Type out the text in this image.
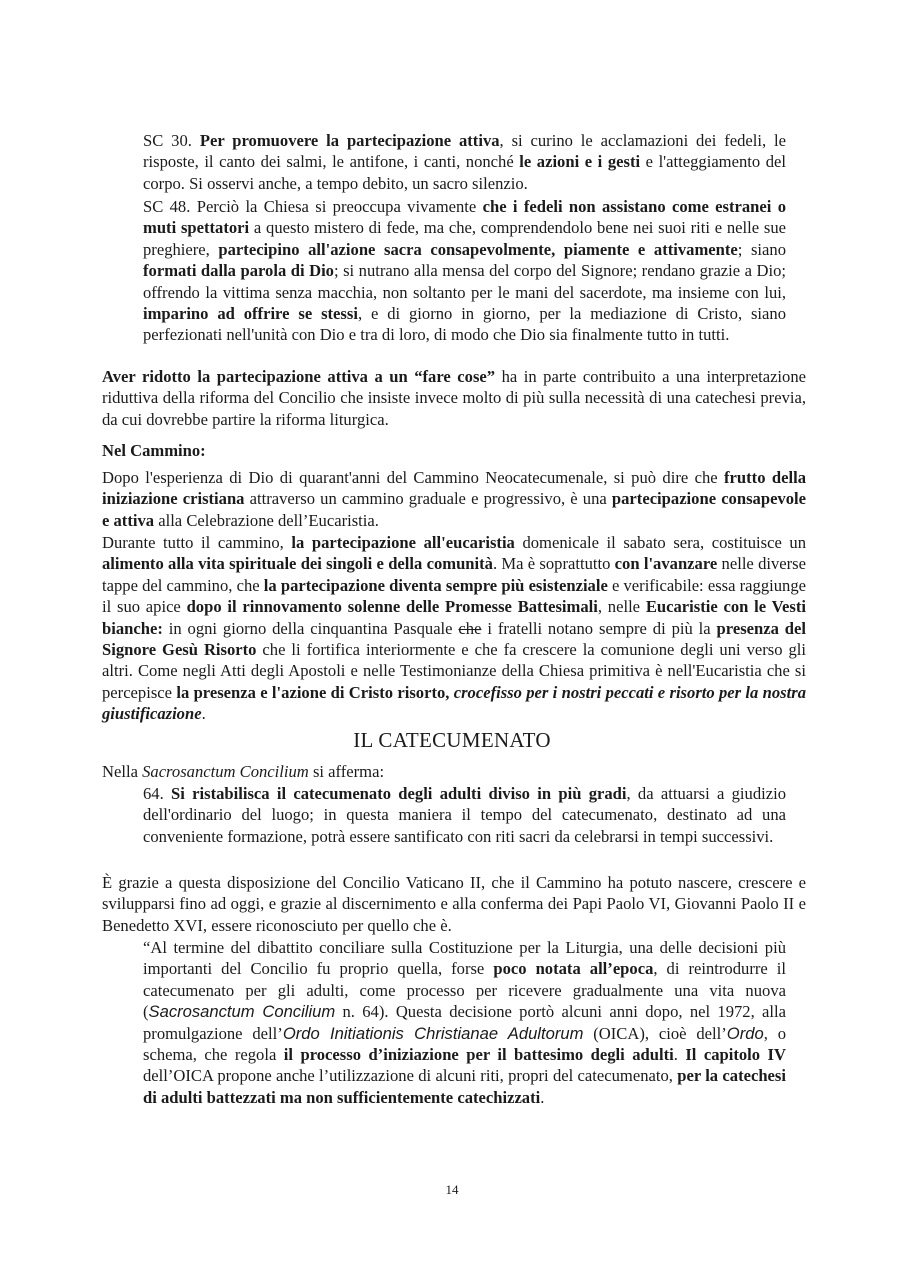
SC 30. Per promuovere la partecipazione attiva, si curino le acclamazioni dei fedeli, le risposte, il canto dei salmi, le antifone, i canti, nonché le azioni e i gesti e l'atteggiamento del corpo. Si osservi anche, a tempo debito, un sacro silenzio.

SC 48. Perciò la Chiesa si preoccupa vivamente che i fedeli non assistano come estranei o muti spettatori a questo mistero di fede, ma che, comprendendolo bene nei suoi riti e nelle sue preghiere, partecipino all'azione sacra consapevolmente, piamente e attivamente; siano formati dalla parola di Dio; si nutrano alla mensa del corpo del Signore; rendano grazie a Dio; offrendo la vittima senza macchia, non soltanto per le mani del sacerdote, ma insieme con lui, imparino ad offrire se stessi, e di giorno in giorno, per la mediazione di Cristo, siano perfezionati nell'unità con Dio e tra di loro, di modo che Dio sia finalmente tutto in tutti.

Aver ridotto la partecipazione attiva a un “fare cose” ha in parte contribuito a una interpretazione riduttiva della riforma del Concilio che insiste invece molto di più sulla necessità di una catechesi previa, da cui dovrebbe partire la riforma liturgica.

Nel Cammino:

Dopo l'esperienza di Dio di quarant'anni del Cammino Neocatecumenale, si può dire che frutto della iniziazione cristiana attraverso un cammino graduale e progressivo, è una partecipazione consapevole e attiva alla Celebrazione dell’Eucaristia.

Durante tutto il cammino, la partecipazione all'eucaristia domenicale il sabato sera, costituisce un alimento alla vita spirituale dei singoli e della comunità. Ma è soprattutto con l'avanzare nelle diverse tappe del cammino, che la partecipazione diventa sempre più esistenziale e verificabile: essa raggiunge il suo apice dopo il rinnovamento solenne delle Promesse Battesimali, nelle Eucaristie con le Vesti bianche: in ogni giorno della cinquantina Pasquale che i fratelli notano sempre di più la presenza del Signore Gesù Risorto che li fortifica interiormente e che fa crescere la comunione degli uni verso gli altri. Come negli Atti degli Apostoli e nelle Testimonianze della Chiesa primitiva è nell'Eucaristia che si percepisce la presenza e l'azione di Cristo risorto, crocefisso per i nostri peccati e risorto per la nostra giustificazione.

IL CATECUMENATO

Nella Sacrosanctum Concilium si afferma:

64. Si ristabilisca il catecumenato degli adulti diviso in più gradi, da attuarsi a giudizio dell'ordinario del luogo; in questa maniera il tempo del catecumenato, destinato ad una conveniente formazione, potrà essere santificato con riti sacri da celebrarsi in tempi successivi.

È grazie a questa disposizione del Concilio Vaticano II, che il Cammino ha potuto nascere, crescere e svilupparsi fino ad oggi, e grazie al discernimento e alla conferma dei Papi Paolo VI, Giovanni Paolo II e Benedetto XVI, essere riconosciuto per quello che è.

“Al termine del dibattito conciliare sulla Costituzione per la Liturgia, una delle decisioni più importanti del Concilio fu proprio quella, forse poco notata all’epoca, di reintrodurre il catecumenato per gli adulti, come processo per ricevere gradualmente una vita nuova (Sacrosanctum Concilium n. 64). Questa decisione portò alcuni anni dopo, nel 1972, alla promulgazione dell’Ordo Initiationis Christianae Adultorum (OICA), cioè dell’Ordo, o schema, che regola il processo d’iniziazione per il battesimo degli adulti. Il capitolo IV dell’OICA propone anche l’utilizzazione di alcuni riti, propri del catecumenato, per la catechesi di adulti battezzati ma non sufficientemente catechizzati.

14
